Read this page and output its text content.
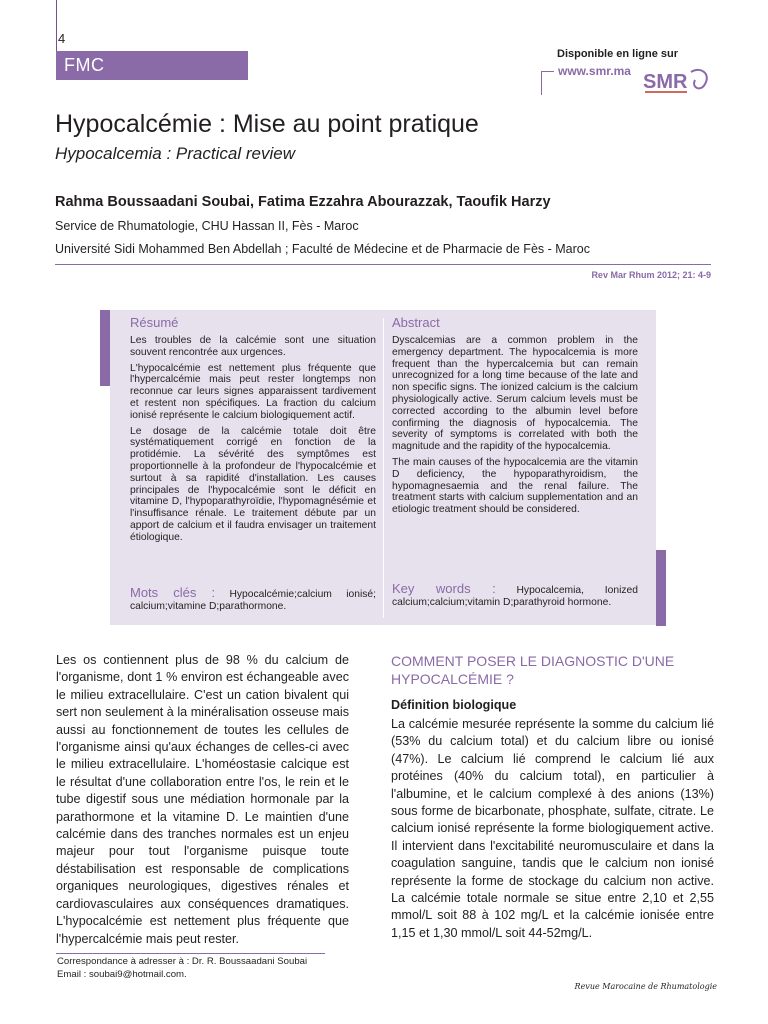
4
FMC
Disponible en ligne sur
www.smr.ma SMR
Hypocalcémie : Mise au point pratique
Hypocalcemia : Practical review
Rahma Boussaadani Soubai, Fatima Ezzahra Abourazzak, Taoufik Harzy
Service de Rhumatologie, CHU Hassan II, Fès - Maroc
Université Sidi Mohammed Ben Abdellah ; Faculté de Médecine et de Pharmacie de Fès - Maroc
Rev Mar Rhum 2012; 21: 4-9
Résumé

Les troubles de la calcémie sont une situation souvent rencontrée aux urgences.

L'hypocalcémie est nettement plus fréquente que l'hypercalcémie mais peut rester longtemps non reconnue car leurs signes apparaissent tardivement et restent non spécifiques. La fraction du calcium ionisé représente le calcium biologiquement actif.

Le dosage de la calcémie totale doit être systématiquement corrigé en fonction de la protidémie. La sévérité des symptômes est proportionnelle à la profondeur de l'hypocalcémie et surtout à sa rapidité d'installation. Les causes principales de l'hypocalcémie sont le déficit en vitamine D, l'hypoparathyroïdie, l'hypomagnésémie et l'insuffisance rénale. Le traitement débute par un apport de calcium et il faudra envisager un traitement étiologique.

Mots clés : Hypocalcémie;calcium ionisé; calcium;vitamine D;parathormone.
Abstract

Dyscalcemias are a common problem in the emergency department. The hypocalcemia is more frequent than the hypercalcemia but can remain unrecognized for a long time because of the late and non specific signs. The ionized calcium is the calcium physiologically active. Serum calcium levels must be corrected according to the albumin level before confirming the diagnosis of hypocalcemia. The severity of symptoms is correlated with both the magnitude and the rapidity of the hypocalcemia.

The main causes of the hypocalcemia are the vitamin D deficiency, the hypoparathyroidism, the hypomagnesaemia and the renal failure. The treatment starts with calcium supplementation and an etiologic treatment should be considered.

Key words : Hypocalcemia, Ionized calcium;calcium;vitamin D;parathyroid hormone.

Les os contiennent plus de 98 % du calcium de l'organisme, dont 1 % environ est échangeable avec le milieu extracellulaire. C'est un cation bivalent qui sert non seulement à la minéralisation osseuse mais aussi au fonctionnement de toutes les cellules de l'organisme ainsi qu'aux échanges de celles-ci avec le milieu extracellulaire. L'homéostasie calcique est le résultat d'une collaboration entre l'os, le rein et le tube digestif sous une médiation hormonale par la parathormone et la vitamine D. Le maintien d'une calcémie dans des tranches normales est un enjeu majeur pour tout l'organisme puisque toute déstabilisation est responsable de complications organiques neurologiques, digestives rénales et cardiovasculaires aux conséquences dramatiques. L'hypocalcémie est nettement plus fréquente que l'hypercalcémie mais peut rester.

COMMENT POSER LE DIAGNOSTIC D'UNE HYPOCALCÉMIE ?
Définition biologique

La calcémie mesurée représente la somme du calcium lié (53% du calcium total) et du calcium libre ou ionisé (47%). Le calcium lié comprend le calcium lié aux protéines (40% du calcium total), en particulier à l'albumine, et le calcium complexé à des anions (13%) sous forme de bicarbonate, phosphate, sulfate, citrate. Le calcium ionisé représente la forme biologiquement active. Il intervient dans l'excitabilité neuromusculaire et dans la coagulation sanguine, tandis que le calcium non ionisé représente la forme de stockage du calcium non active. La calcémie totale normale se situe entre 2,10 et 2,55 mmol/L soit 88 à 102 mg/L et la calcémie ionisée entre 1,15 et 1,30 mmol/L soit 44-52mg/L.

Correspondance à adresser à : Dr. R. Boussaadani Soubai
Email : soubai9@hotmail.com.
Revue Marocaine de Rhumatologie
